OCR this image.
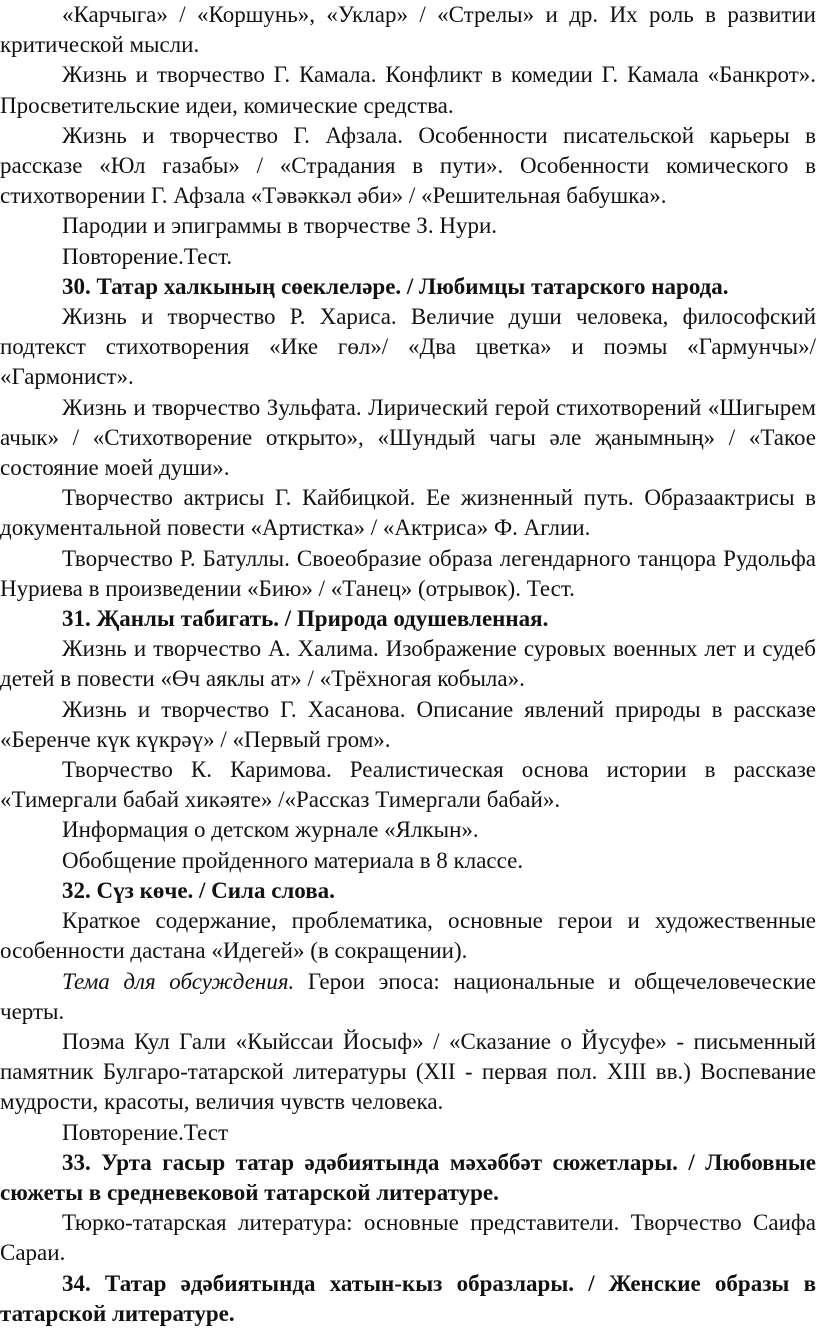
«Карчыга» / «Коршунь», «Уклар» / «Стрелы» и др. Их роль в развитии критической мысли.

Жизнь и творчество Г. Камала. Конфликт в комедии Г. Камала «Банкрот». Просветительские идеи, комические средства.

Жизнь и творчество Г. Афзала. Особенности писательской карьеры в рассказе «Юл газабы» / «Страдания в пути». Особенности комического в стихотворении Г. Афзала «Тәвәккәл әби» / «Решительная бабушка».

Пародии и эпиграммы в творчестве З. Нури.

Повторение.Тест.

30. Татар халкының сөеклеләре. / Любимцы татарского народа.

Жизнь и творчество Р. Хариса. Величие души человека, философский подтекст стихотворения «Ике гөл»/ «Два цветка» и поэмы «Гармунчы»/ «Гармонист».

Жизнь и творчество Зульфата. Лирический герой стихотворений «Шигырем ачык» / «Стихотворение открыто», «Шундый чагы әле җанымның» / «Такое состояние моей души».

Творчество актрисы Г. Кайбицкой. Ее жизненный путь. Образаактрисы в документальной повести «Артистка» / «Актриса» Ф. Аглии.

Творчество Р. Батуллы. Своеобразие образа легендарного танцора Рудольфа Нуриева в произведении «Бию» / «Танец» (отрывок). Тест.

31. Җанлы табигать. / Природа одушевленная.

Жизнь и творчество А. Халима. Изображение суровых военных лет и судеб детей в повести «Өч аяклы ат» / «Трёхногая кобыла».

Жизнь и творчество Г. Хасанова. Описание явлений природы в рассказе «Беренче күк күкрәү» / «Первый гром».

Творчество К. Каримова. Реалистическая основа истории в рассказе «Тимергали бабай хикәяте» /«Рассказ Тимергали бабай».

Информация о детском журнале «Ялкын».

Обобщение пройденного материала в 8 классе.

32. Сүз көче. / Сила слова.

Краткое содержание, проблематика, основные герои и художественные особенности дастана «Идегей» (в сокращении).

Тема для обсуждения. Герои эпоса: национальные и общечеловеческие черты.

Поэма Кул Гали «Кыйссаи Йосыф» / «Сказание о Йусуфе» - письменный памятник Булгаро-татарской литературы (XII - первая пол. XIII вв.) Воспевание мудрости, красоты, величия чувств человека.

Повторение.Тест

33. Урта гасыр татар әдәбиятында мәхәббәт сюжетлары. / Любовные сюжеты в средневековой татарской литературе.

Тюрко-татарская литература: основные представители. Творчество Саифа Сараи.

34. Татар әдәбиятында хатын-кыз образлары. / Женские образы в татарской литературе.
